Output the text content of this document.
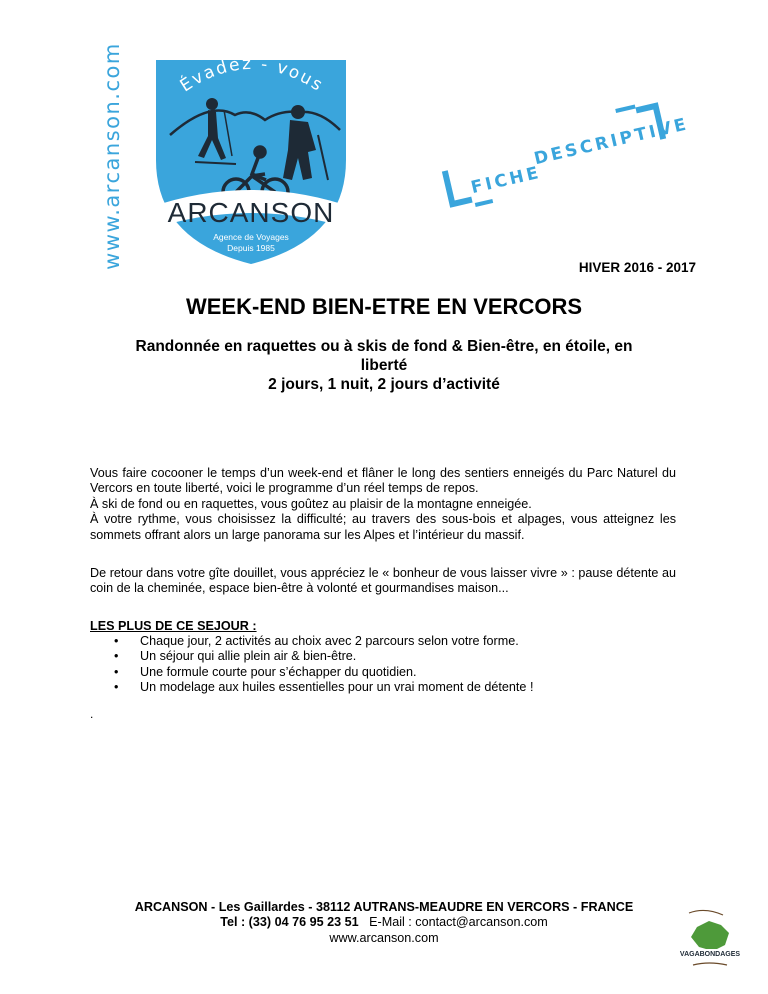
www.arcanson.com	Évadez - vous
ARCANSON
Agence de Voyages
Depuis 1985
FICHE
DESCRIPTIVE
HIVER 2016 - 2017
WEEK-END BIEN-ETRE EN VERCORS
Randonnée en raquettes ou à skis de fond & Bien-être, en étoile, en
liberté
2 jours, 1 nuit, 2 jours d’activité

Vous faire cocooner le temps d’un week-end et flâner le long des sentiers enneigés du Parc Naturel du Vercors en toute liberté, voici le programme d’un réel temps de repos.

À ski de fond ou en raquettes, vous goûtez au plaisir de la montagne enneigée.

À votre rythme, vous choisissez la difficulté; au travers des sous-bois et alpages, vous atteignez les sommets offrant alors un large panorama sur les Alpes et l’intérieur du massif.

De retour dans votre gîte douillet, vous appréciez le « bonheur de vous laisser vivre » : pause détente au coin de la cheminée, espace bien-être à volonté et gourmandises maison...
LES PLUS DE CE SEJOUR :
• Chaque jour, 2 activités au choix avec 2 parcours selon votre forme.
• Un séjour qui allie plein air & bien-être.
• Une formule courte pour s’échapper du quotidien.
• Un modelage aux huiles essentielles pour un vrai moment de détente !
.
ARCANSON - Les Gaillardes - 38112 AUTRANS-MEAUDRE EN VERCORS - FRANCE
Tel : (33) 04 76 95 23 51 E-Mail : contact@arcanson.com
www.arcanson.com
VAGABONDAGES
